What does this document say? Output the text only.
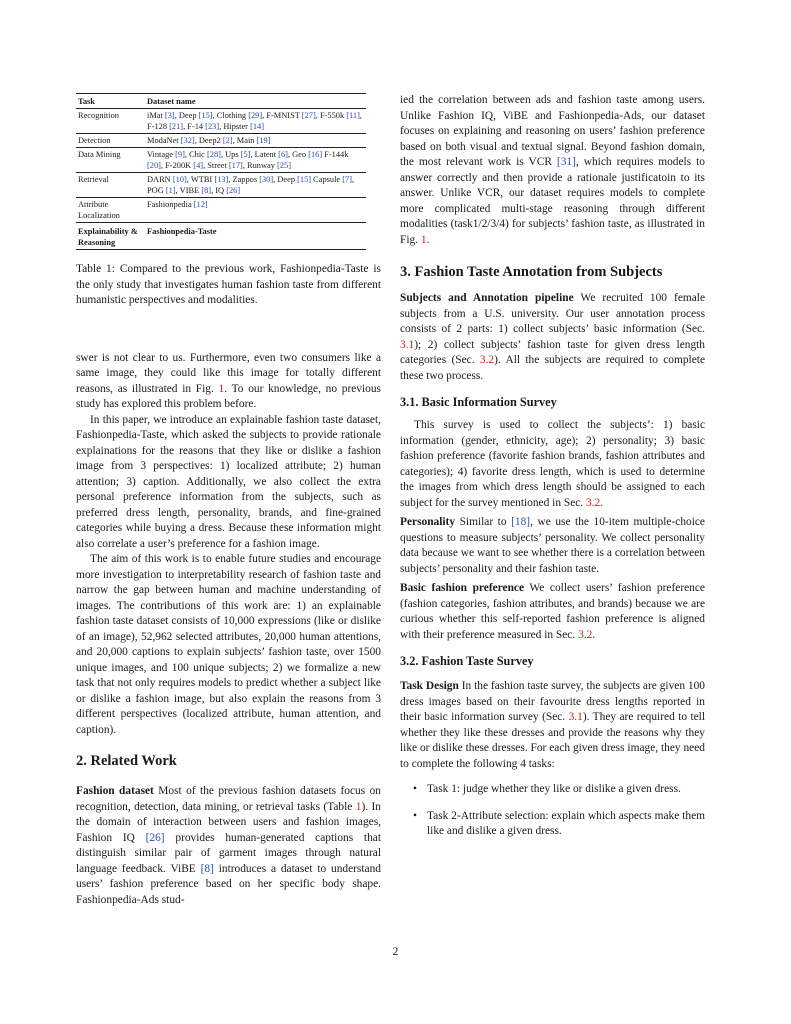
Task	Dataset name
Recognition	iMat [3], Deep [15], Clothing [29], F-MNIST [27], F-550k [11], F-128 [21], F-14 [23], Hipster [14]
Detection	ModaNet [32], Deep2 [2], Main [19]
Data Mining	Vintage [9], Chic [28], Ups [5], Latent [6], Geo [16] F-144k [20], F-200K [4], Street [17], Runway [25]
Retrieval	DARN [10], WTBI [13], Zappos [30], Deep [15] Capsule [7], POG [1], VIBE [8], IQ [26]
Attribute Localization	Fashionpedia [12]
Explainability & Reasoning	Fashionpedia-Taste

Table 1: Compared to the previous work, Fashionpedia-Taste is the only study that investigates human fashion taste from different humanistic perspectives and modalities.

swer is not clear to us. Furthermore, even two consumers like a same image, they could like this image for totally different reasons, as illustrated in Fig. 1. To our knowledge, no previous study has explored this problem before.

In this paper, we introduce an explainable fashion taste dataset, Fashionpedia-Taste, which asked the subjects to provide rationale explainations for the reasons that they like or dislike a fashion image from 3 perspectives: 1) localized attribute; 2) human attention; 3) caption. Additionally, we also collect the extra personal preference information from the subjects, such as preferred dress length, personality, brands, and fine-grained categories while buying a dress. Because these information might also correlate a user’s preference for a fashion image.

The aim of this work is to enable future studies and encourage more investigation to interpretability research of fashion taste and narrow the gap between human and machine understanding of images. The contributions of this work are: 1) an explainable fashion taste dataset consists of 10,000 expressions (like or dislike of an image), 52,962 selected attributes, 20,000 human attentions, and 20,000 captions to explain subjects’ fashion taste, over 1500 unique images, and 100 unique subjects; 2) we formalize a new task that not only requires models to predict whether a subject like or dislike a fashion image, but also explain the reasons from 3 different perspectives (localized attribute, human attention, and caption).

2. Related Work

Fashion dataset Most of the previous fashion datasets focus on recognition, detection, data mining, or retrieval tasks (Table 1). In the domain of interaction between users and fashion images, Fashion IQ [26] provides human-generated captions that distinguish similar pair of garment images through natural language feedback. ViBE [8] introduces a dataset to understand users’ fashion preference based on her specific body shape. Fashionpedia-Ads stud-

ied the correlation between ads and fashion taste among users. Unlike Fashion IQ, ViBE and Fashionpedia-Ads, our dataset focuses on explaining and reasoning on users’ fashion preference based on both visual and textual signal. Beyond fashion domain, the most relevant work is VCR [31], which requires models to answer correctly and then provide a rationale justificatoin to its answer. Unlike VCR, our dataset requires models to complete more complicated multi-stage reasoning through different modalities (task1/2/3/4) for subjects’ fashion taste, as illustrated in Fig. 1.

3. Fashion Taste Annotation from Subjects

Subjects and Annotation pipeline We recruited 100 female subjects from a U.S. university. Our user annotation process consists of 2 parts: 1) collect subjects’ basic information (Sec. 3.1); 2) collect subjects’ fashion taste for given dress length categories (Sec. 3.2). All the subjects are required to complete these two process.

3.1. Basic Information Survey

This survey is used to collect the subjects’: 1) basic information (gender, ethnicity, age); 2) personality; 3) basic fashion preference (favorite fashion brands, fashion attributes and categories); 4) favorite dress length, which is used to determine the images from which dress length should be assigned to each subject for the survey mentioned in Sec. 3.2.

Personality Similar to [18], we use the 10-item multiple-choice questions to measure subjects’ personality. We collect personality data because we want to see whether there is a correlation between subjects’ personality and their fashion taste.

Basic fashion preference We collect users’ fashion preference (fashion categories, fashion attributes, and brands) because we are curious whether this self-reported fashion preference is aligned with their preference measured in Sec. 3.2.

3.2. Fashion Taste Survey

Task Design In the fashion taste survey, the subjects are given 100 dress images based on their favourite dress lengths reported in their basic information survey (Sec. 3.1). They are required to tell whether they like these dresses and provide the reasons why they like or dislike these dresses. For each given dress image, they need to complete the following 4 tasks:

• Task 1: judge whether they like or dislike a given dress.
• Task 2-Attribute selection: explain which aspects make them like and dislike a given dress.
2
